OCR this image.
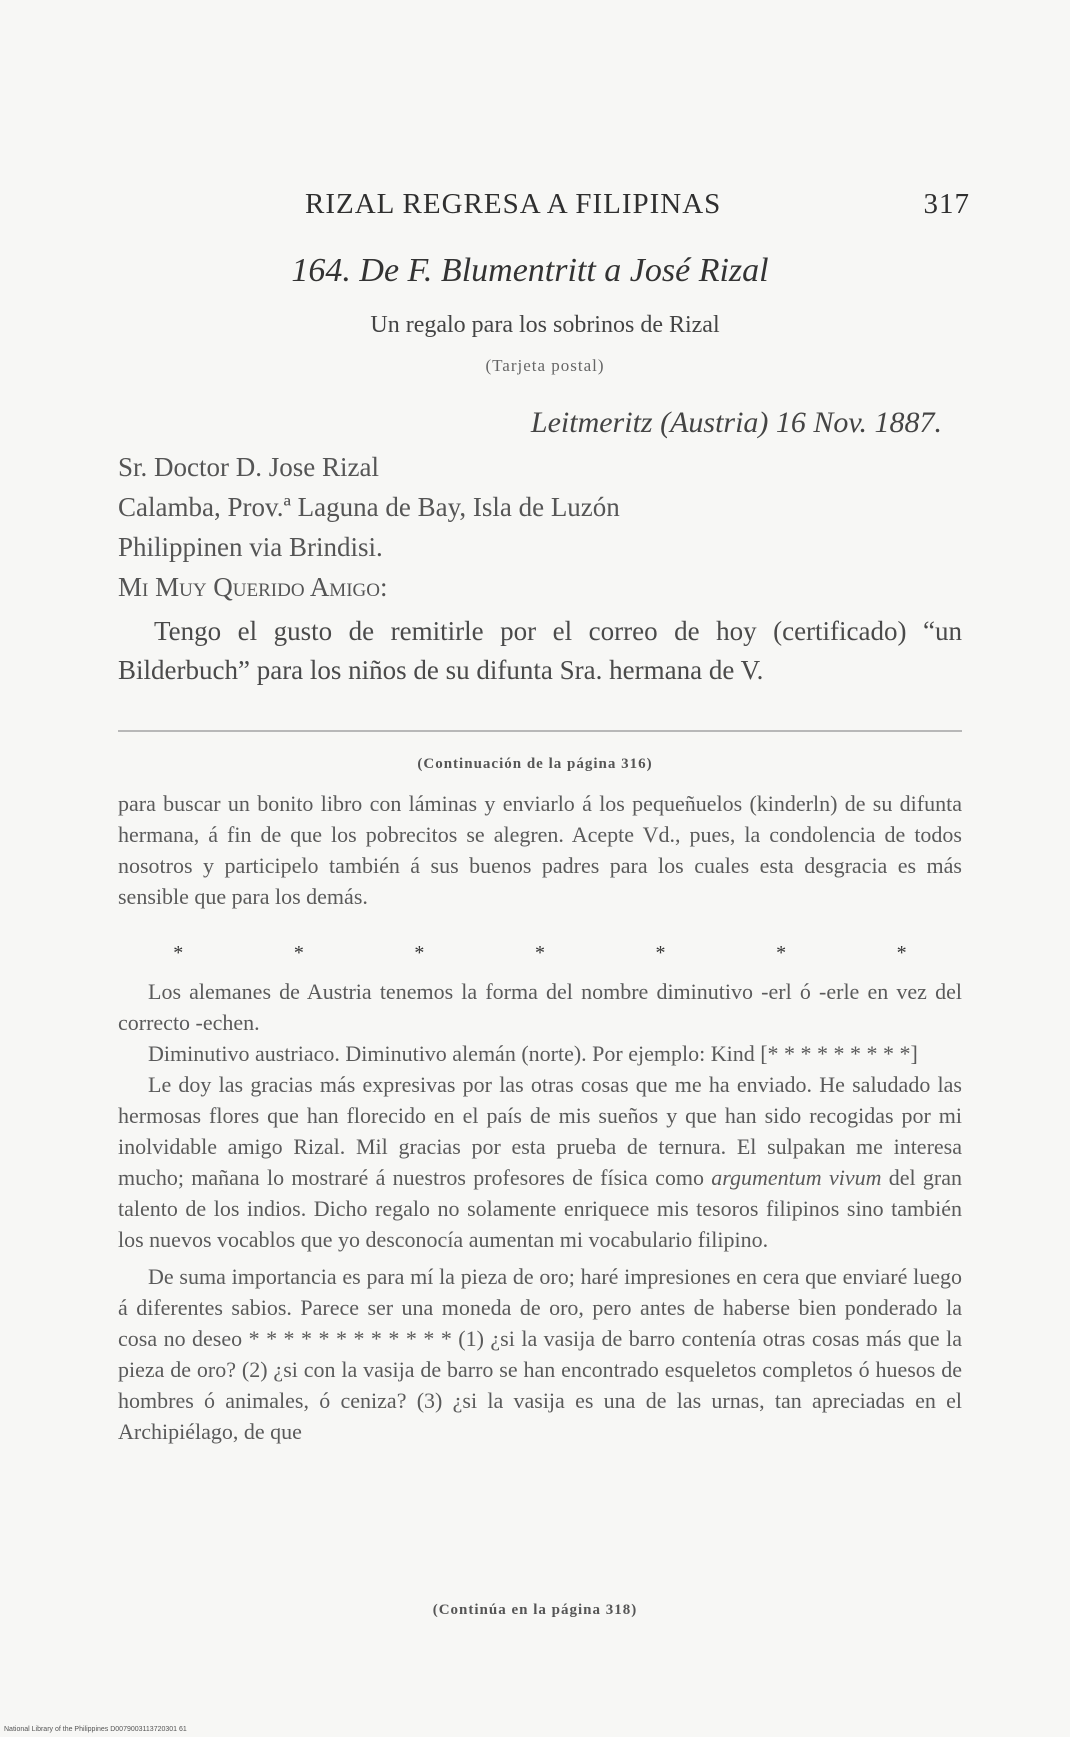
RIZAL REGRESA A FILIPINAS	317
164. De F. Blumentritt a José Rizal
Un regalo para los sobrinos de Rizal
(Tarjeta postal)
Leitmeritz (Austria) 16 Nov. 1887.
Sr. Doctor D. Jose Rizal
Calamba, Prov.ª Laguna de Bay, Isla de Luzón
Philippinen via Brindisi.
Mi Muy Querido Amigo:
Tengo el gusto de remitirle por el correo de hoy (certificado) “un Bilderbuch” para los niños de su difunta Sra. hermana de V.
(Continuación de la página 316)

para buscar un bonito libro con láminas y enviarlo á los pequeñuelos (kinderln) de su difunta hermana, á fin de que los pobrecitos se alegren. Acepte Vd., pues, la condolencia de todos nosotros y participelo también á sus buenos padres para los cuales esta desgracia es más sensible que para los demás.

*	*	*	*	*	*	*

Los alemanes de Austria tenemos la forma del nombre diminutivo -erl ó -erle en vez del correcto -echen.

Diminutivo austriaco. Diminutivo alemán (norte). Por ejemplo: Kind [* * * * * * * * *]

Le doy las gracias más expresivas por las otras cosas que me ha enviado. He saludado las hermosas flores que han florecido en el país de mis sueños y que han sido recogidas por mi inolvidable amigo Rizal. Mil gracias por esta prueba de ternura. El sulpakan me interesa mucho; mañana lo mostraré á nuestros profesores de física como argumentum vivum del gran talento de los indios. Dicho regalo no solamente enriquece mis tesoros filipinos sino también los nuevos vocablos que yo desconocía aumentan mi vocabulario filipino.

De suma importancia es para mí la pieza de oro; haré impresiones en cera que enviaré luego á diferentes sabios. Parece ser una moneda de oro, pero antes de haberse bien ponderado la cosa no deseo * * * * * * * * * * * * (1) ¿si la vasija de barro contenía otras cosas más que la pieza de oro? (2) ¿si con la vasija de barro se han encontrado esqueletos completos ó huesos de hombres ó animales, ó ceniza? (3) ¿si la vasija es una de las urnas, tan apreciadas en el Archipiélago, de que

(Continúa en la página 318)
National Library of the Philippines D0079003113720301 61
